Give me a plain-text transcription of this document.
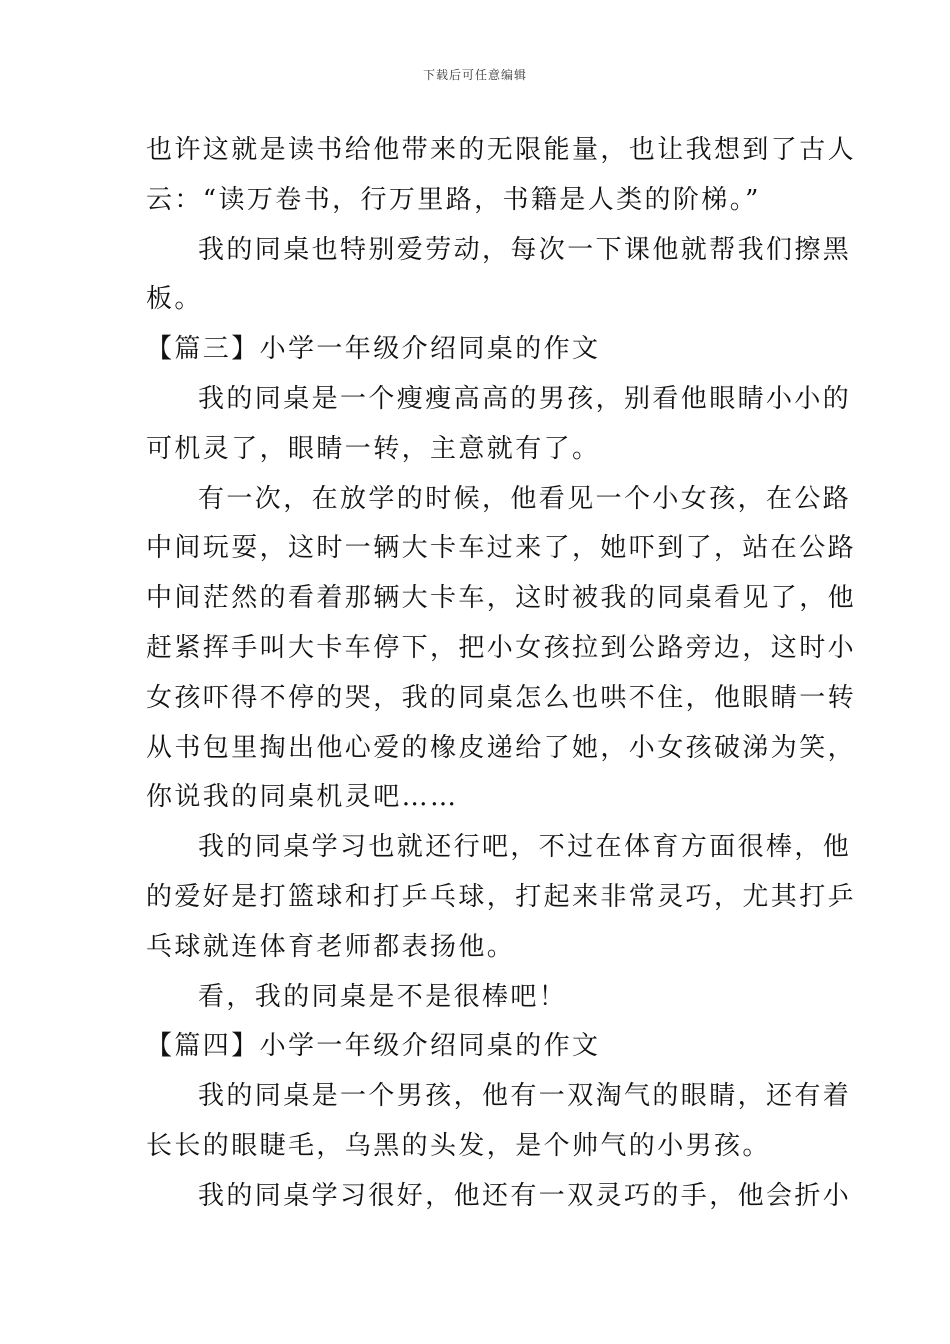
下载后可任意编辑
也许这就是读书给他带来的无限能量，也让我想到了古人
云：“读万卷书，行万里路，书籍是人类的阶梯。”
我的同桌也特别爱劳动，每次一下课他就帮我们擦黑
板。
【篇三】小学一年级介绍同桌的作文
我的同桌是一个瘦瘦高高的男孩，别看他眼睛小小的
可机灵了，眼睛一转，主意就有了。
有一次，在放学的时候，他看见一个小女孩，在公路
中间玩耍，这时一辆大卡车过来了，她吓到了，站在公路
中间茫然的看着那辆大卡车，这时被我的同桌看见了，他
赶紧挥手叫大卡车停下，把小女孩拉到公路旁边，这时小
女孩吓得不停的哭，我的同桌怎么也哄不住，他眼睛一转
从书包里掏出他心爱的橡皮递给了她，小女孩破涕为笑，
你说我的同桌机灵吧……
我的同桌学习也就还行吧，不过在体育方面很棒，他
的爱好是打篮球和打乒乓球，打起来非常灵巧，尤其打乒
乓球就连体育老师都表扬他。
看，我的同桌是不是很棒吧！
【篇四】小学一年级介绍同桌的作文
我的同桌是一个男孩，他有一双淘气的眼睛，还有着
长长的眼睫毛，乌黑的头发，是个帅气的小男孩。
我的同桌学习很好，他还有一双灵巧的手，他会折小
